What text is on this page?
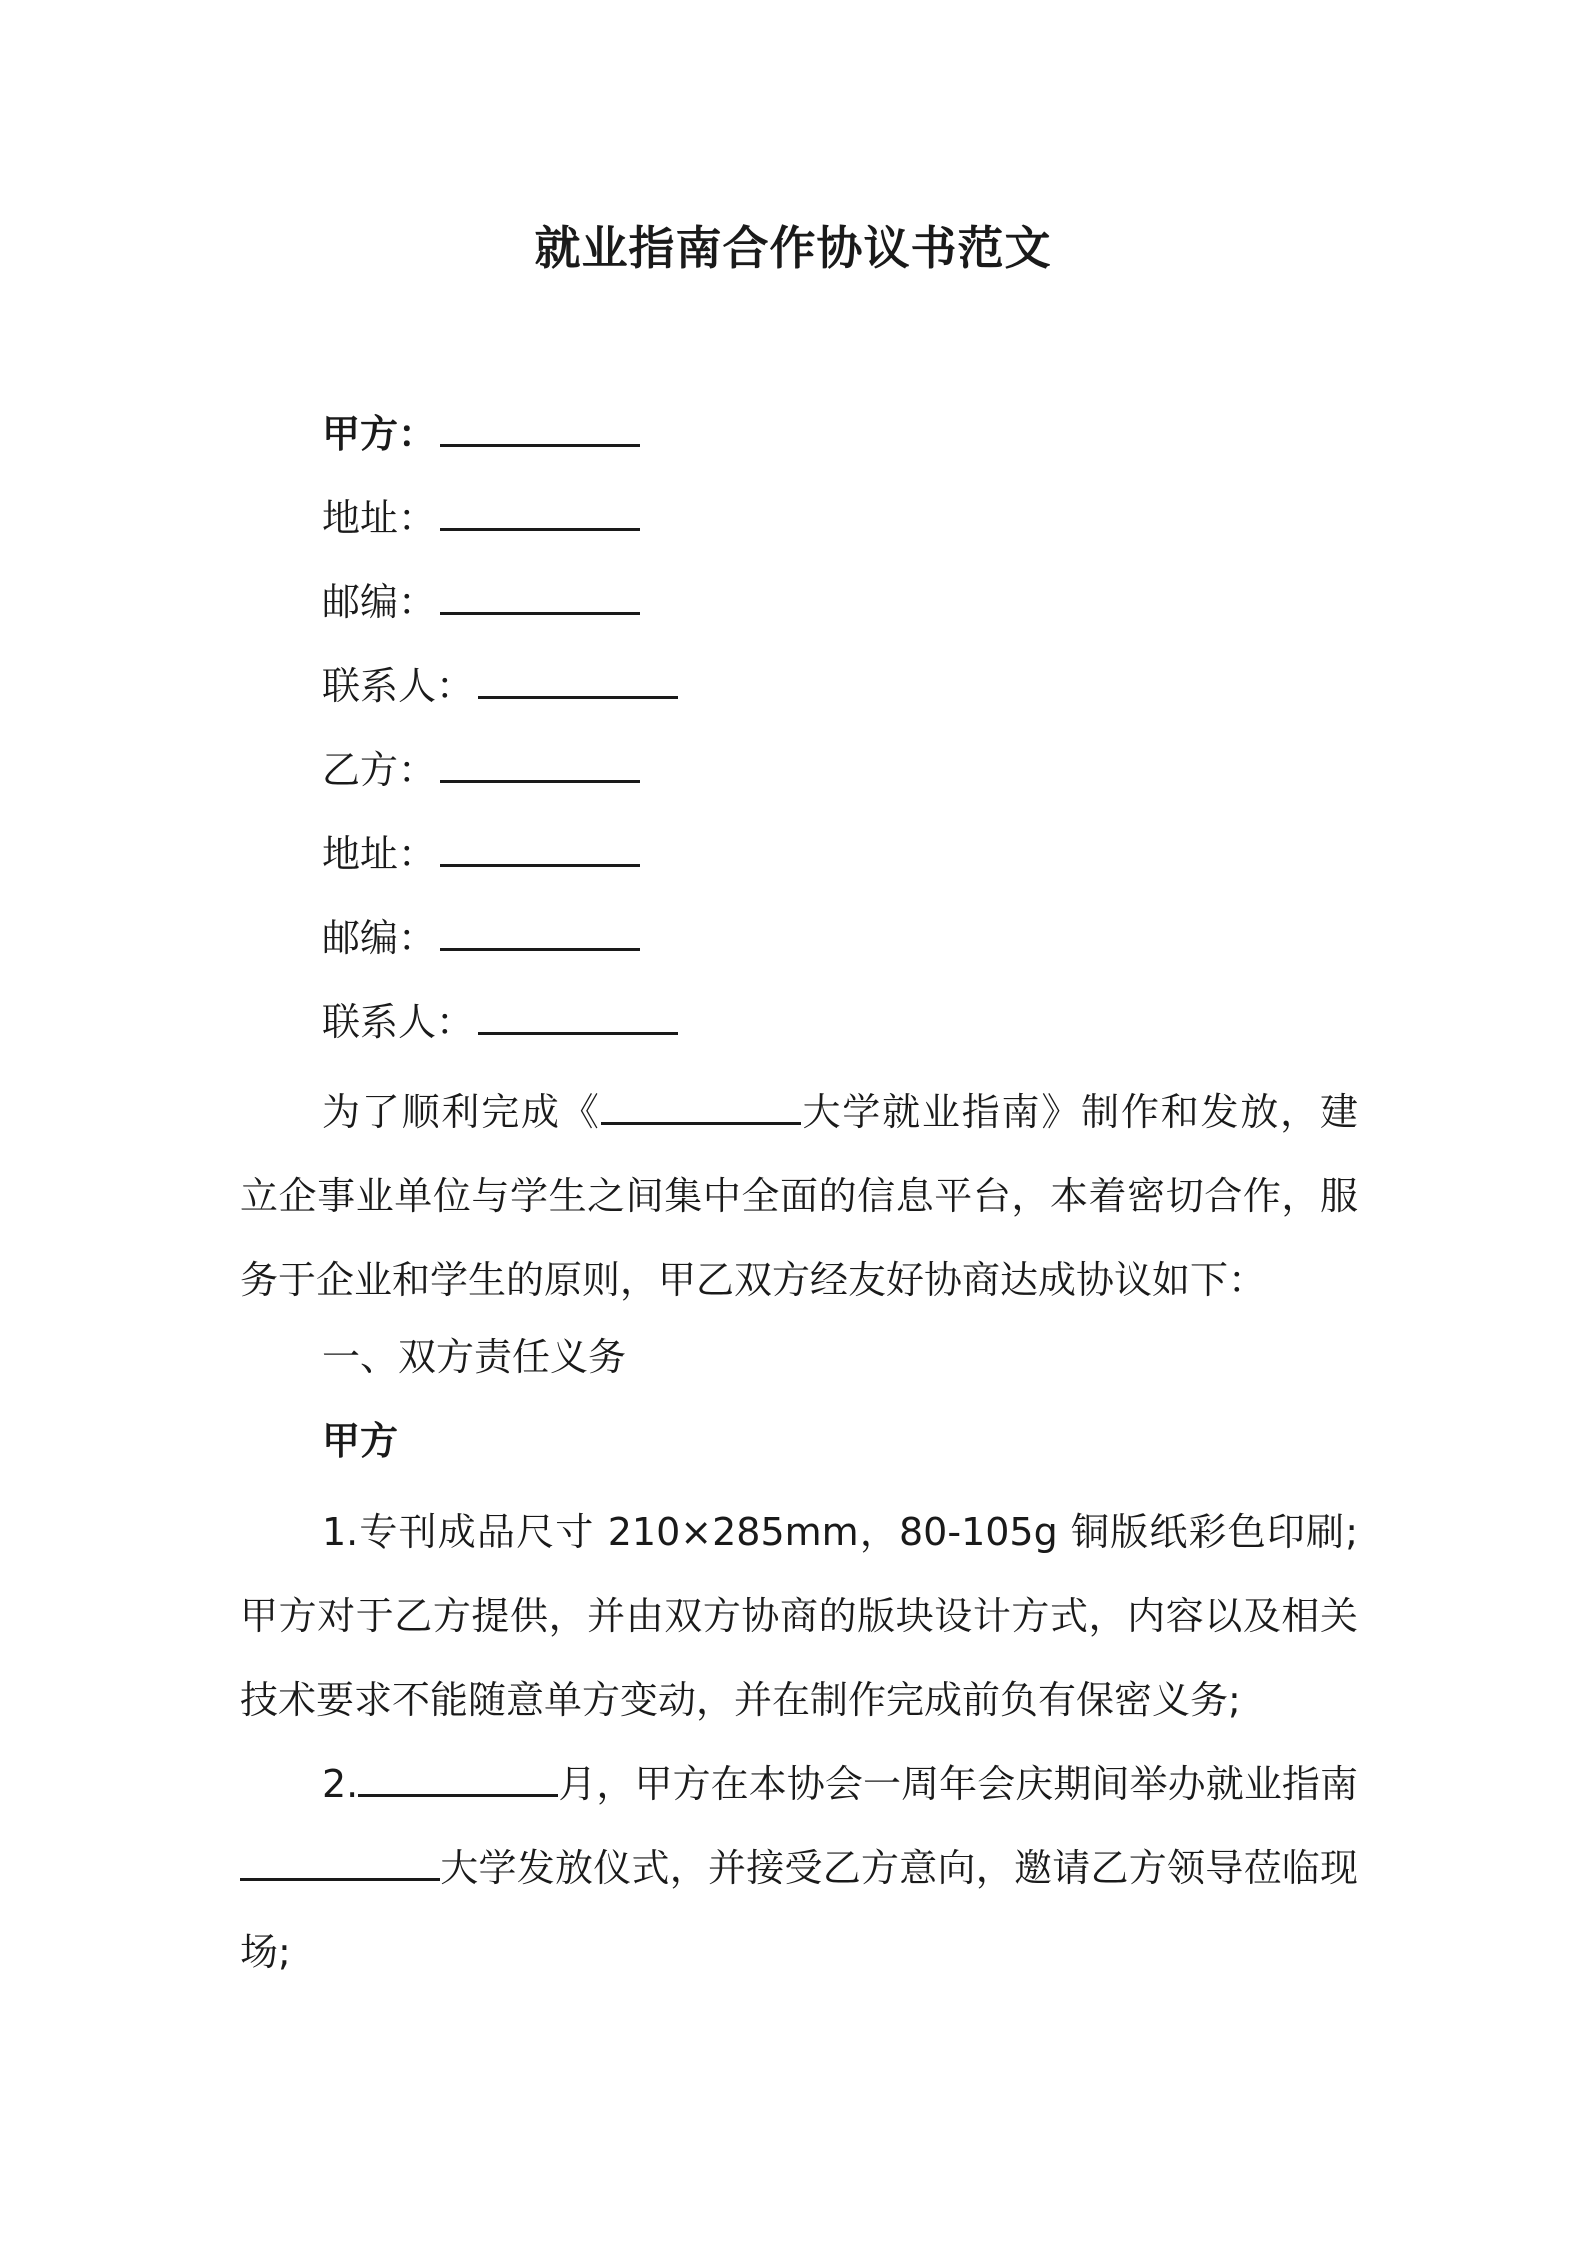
就业指南合作协议书范文
甲方：
地址：
邮编：
联系人：
乙方：
地址：
邮编：
联系人：

为了顺利完成《	大学就业指南》制作和发放，建立企事业单位与学生之间集中全面的信息平台，本着密切合作，服务于企业和学生的原则，甲乙双方经友好协商达成协议如下：

一、双方责任义务

甲方

1.专刊成品尺寸 210×285mm，80-105g 铜版纸彩色印刷;甲方对于乙方提供，并由双方协商的版块设计方式，内容以及相关技术要求不能随意单方变动，并在制作完成前负有保密义务;

2.	月，甲方在本协会一周年会庆期间举办就业指南大学发放仪式，并接受乙方意向，邀请乙方领导莅临现场;
